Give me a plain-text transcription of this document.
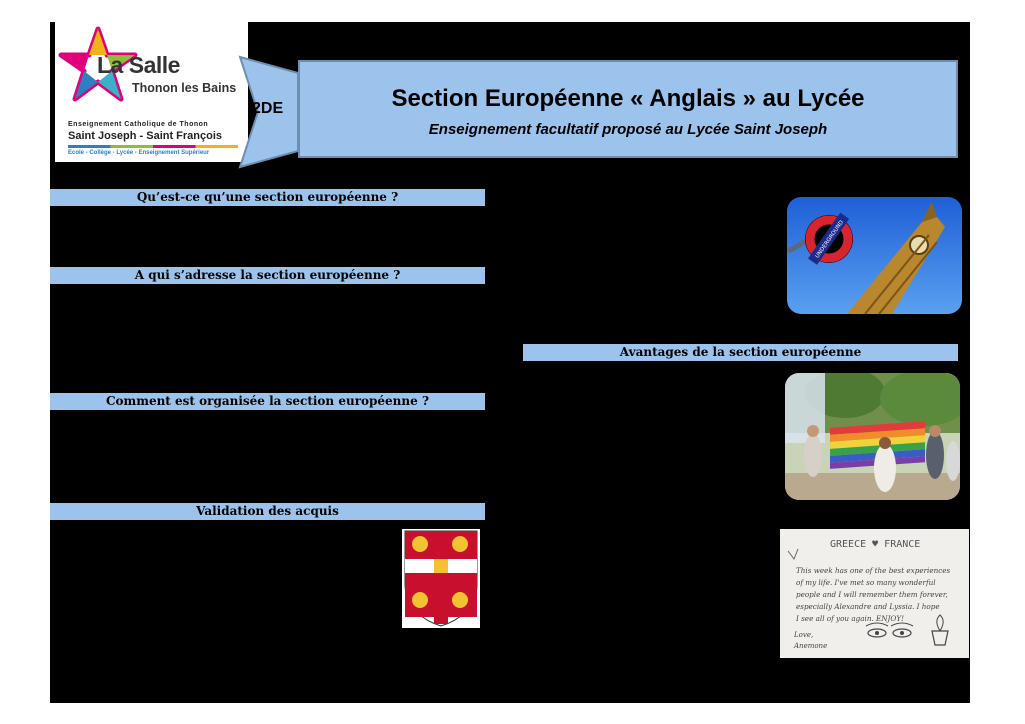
La Salle
Thonon les Bains
Enseignement Catholique de Thonon
Saint Joseph - Saint François
Ecole - Collège - Lycée - Enseignement Supérieur
2DE	Section Européenne « Anglais » au Lycée
Enseignement facultatif proposé au Lycée Saint Joseph
Qu’est-ce qu’une section européenne ?
A qui s’adresse la section européenne ?
Comment est organisée la section européenne ?
Validation des acquis
Avantages de la section européenne
UNDERGROUND
GREECE ♥ FRANCE
This week has one of the best experiences
of my life. I've met so many wonderful
people and I will remember them forever,
especially Alexandre and Lyssia. I hope
I see all of you again. ENJOY!
Love,
Anemone
